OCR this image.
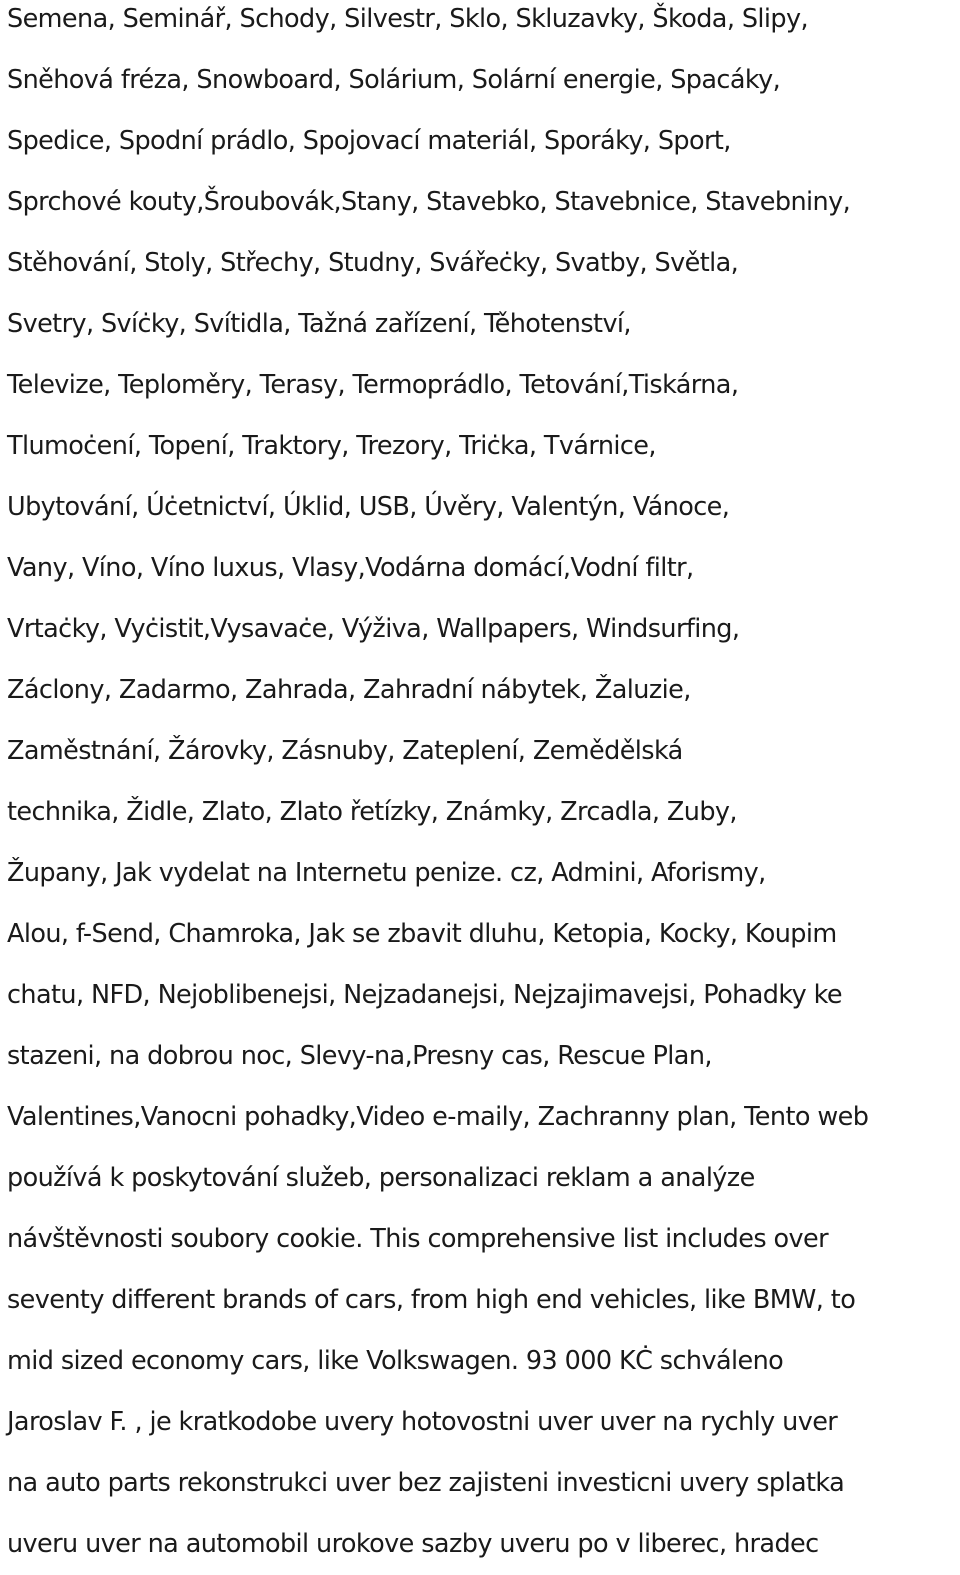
Semena, Seminář, Schody, Silvestr, Sklo, Skluzavky, Škoda, Slipy,
Sněhová fréza, Snowboard, Solárium, Solární energie, Spacáky,
Spedice, Spodní prádlo, Spojovací materiál, Sporáky, Sport,
Sprchové kouty,Šroubovák,Stany, Stavebko, Stavebnice, Stavebniny,
Stěhování, Stoly, Střechy, Studny, Svářeċky, Svatby, Světla,
Svetry, Svíċky, Svítidla, Tažná zařízení, Těhotenství,
Televize, Teploměry, Terasy, Termoprádlo, Tetování,Tiskárna,
Tlumoċení, Topení, Traktory, Trezory, Triċka, Tvárnice,
Ubytování, Úċetnictví, Úklid, USB, Úvěry, Valentýn, Vánoce,
Vany, Víno, Víno luxus, Vlasy,Vodárna domácí,Vodní filtr,
Vrtaċky, Vyċistit,Vysavaċe, Výživa, Wallpapers, Windsurfing,
Záclony, Zadarmo, Zahrada, Zahradní nábytek, Žaluzie,
Zaměstnání, Žárovky, Zásnuby, Zateplení, Zemědělská
technika, Židle, Zlato, Zlato řetízky, Známky, Zrcadla, Zuby,
Župany, Jak vydelat na Internetu penize. cz, Admini, Aforismy,
Alou, f-Send, Chamroka, Jak se zbavit dluhu, Ketopia, Kocky, Koupim
chatu, NFD, Nejoblibenejsi, Nejzadanejsi, Nejzajimavejsi, Pohadky ke
stazeni, na dobrou noc, Slevy-na,Presny cas, Rescue Plan,
Valentines,Vanocni pohadky,Video e-maily, Zachranny plan, Tento web
používá k poskytování služeb, personalizaci reklam a analýze
návštěvnosti soubory cookie. This comprehensive list includes over
seventy different brands of cars, from high end vehicles, like BMW, to
mid sized economy cars, like Volkswagen. 93 000 KĊ schváleno
Jaroslav F. , je kratkodobe uvery hotovostni uver uver na rychly uver
na auto parts rekonstrukci uver bez zajisteni investicni uvery splatka
uveru uver na automobil urokove sazby uveru po v liberec, hradec
